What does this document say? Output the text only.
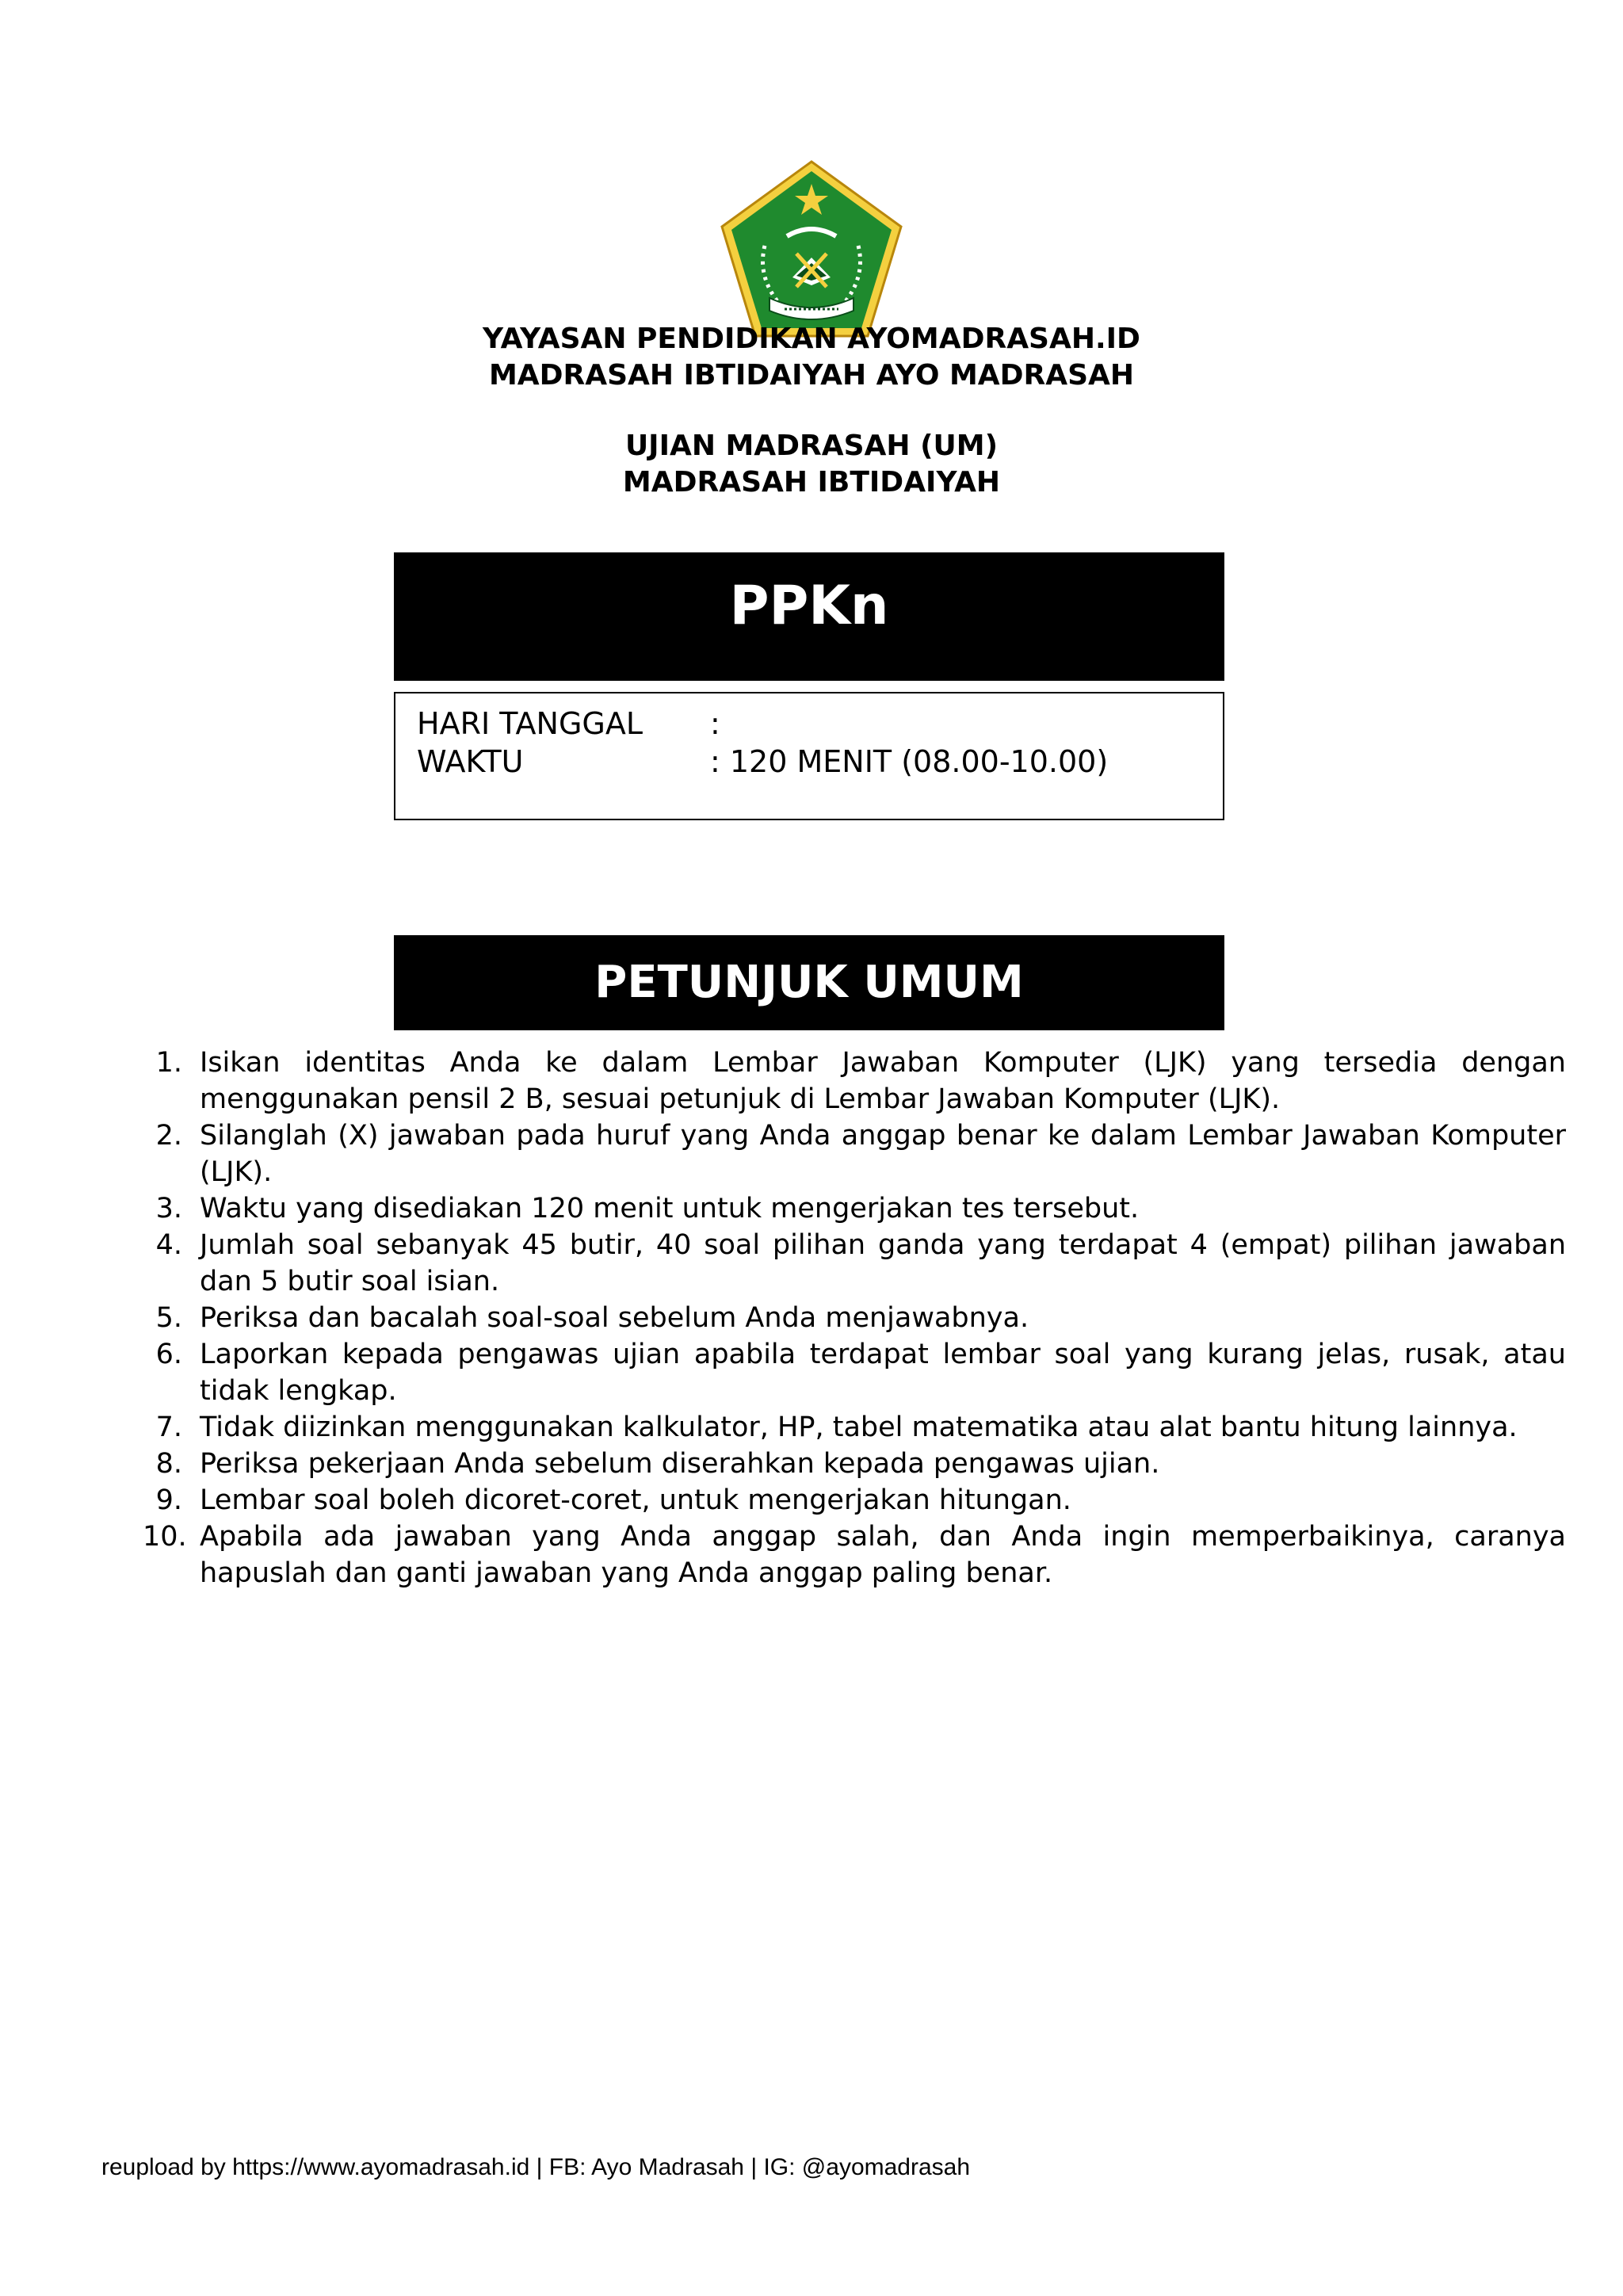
YAYASAN PENDIDIKAN AYOMADRASAH.ID
MADRASAH IBTIDAIYAH AYO MADRASAH
UJIAN MADRASAH (UM)
MADRASAH IBTIDAIYAH
PPKn
HARI TANGGAL :
WAKTU	: 120 MENIT (08.00-10.00)
PETUNJUK UMUM
1. Isikan identitas Anda ke dalam Lembar Jawaban Komputer (LJK) yang tersedia dengan menggunakan pensil 2 B, sesuai petunjuk di Lembar Jawaban Komputer (LJK).
2. Silanglah (X) jawaban pada huruf yang Anda anggap benar ke dalam Lembar Jawaban Komputer (LJK).
3. Waktu yang disediakan 120 menit untuk mengerjakan tes tersebut.
4. Jumlah soal sebanyak 45 butir, 40 soal pilihan ganda yang terdapat 4 (empat) pilihan jawaban dan 5 butir soal isian.
5. Periksa dan bacalah soal-soal sebelum Anda menjawabnya.
6. Laporkan kepada pengawas ujian apabila terdapat lembar soal yang kurang jelas, rusak, atau tidak lengkap.
7. Tidak diizinkan menggunakan kalkulator, HP, tabel matematika atau alat bantu hitung lainnya.
8. Periksa pekerjaan Anda sebelum diserahkan kepada pengawas ujian.
9. Lembar soal boleh dicoret-coret, untuk mengerjakan hitungan.
10. Apabila ada jawaban yang Anda anggap salah, dan Anda ingin memperbaikinya, caranya hapuslah dan ganti jawaban yang Anda anggap paling benar.
reupload by https://www.ayomadrasah.id | FB: Ayo Madrasah | IG: @ayomadrasah
